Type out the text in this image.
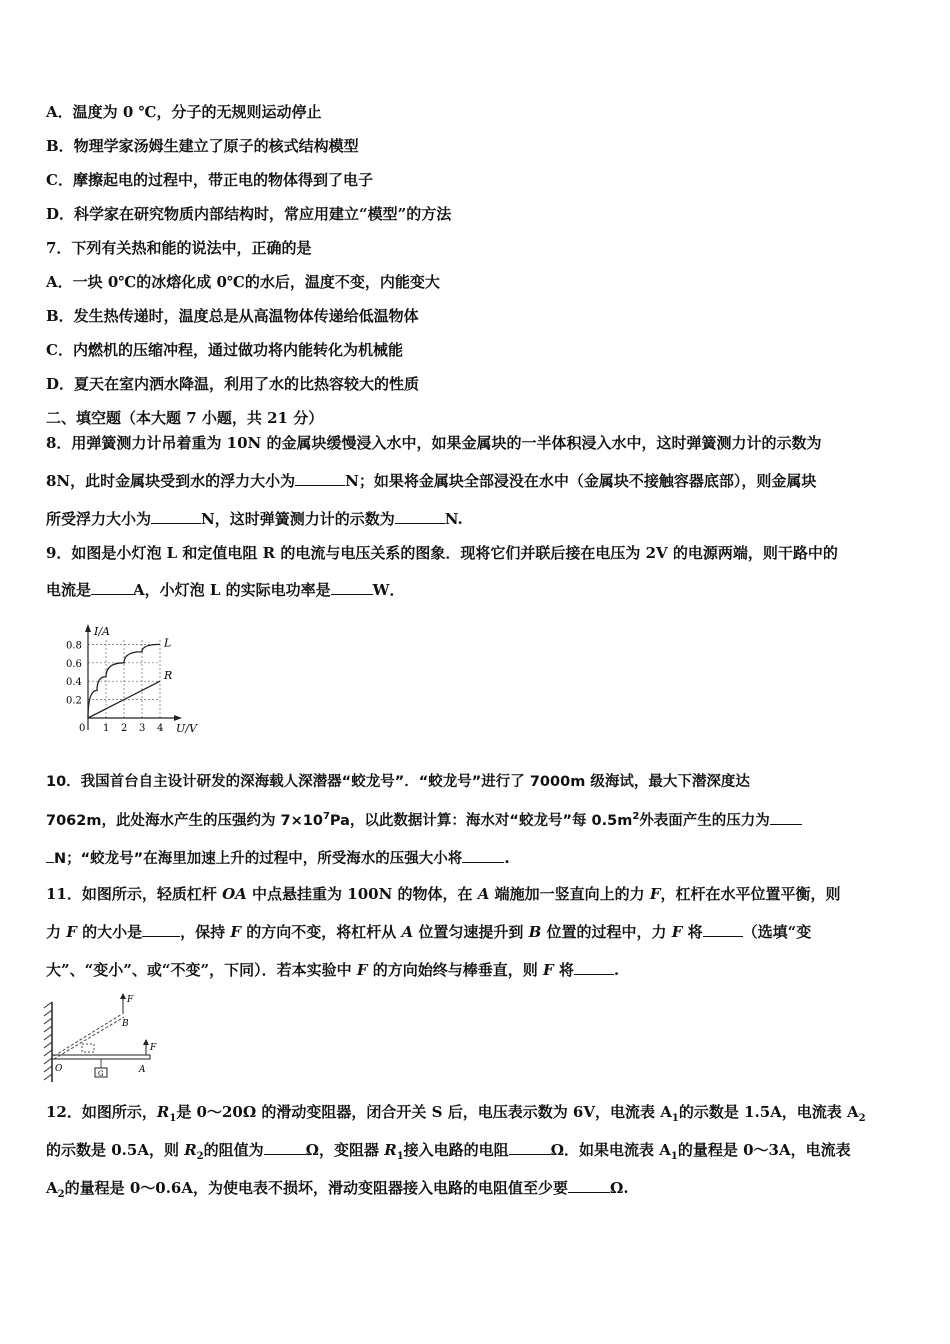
A．温度为 0 ℃，分子的无规则运动停止
B．物理学家汤姆生建立了原子的核式结构模型
C．摩擦起电的过程中，带正电的物体得到了电子
D．科学家在研究物质内部结构时，常应用建立“模型”的方法
7．下列有关热和能的说法中，正确的是
A．一块 0℃的冰熔化成 0℃的水后，温度不变，内能变大
B．发生热传递时，温度总是从高温物体传递给低温物体
C．内燃机的压缩冲程，通过做功将内能转化为机械能
D．夏天在室内洒水降温，利用了水的比热容较大的性质
二、填空题（本大题 7 小题，共 21 分）
8．用弹簧测力计吊着重为 10N 的金属块缓慢浸入水中，如果金属块的一半体积浸入水中，这时弹簧测力计的示数为
8N，此时金属块受到水的浮力大小为	N；如果将金属块全部浸没在水中（金属块不接触容器底部），则金属块
所受浮力大小为	N，这时弹簧测力计的示数为	N.
9．如图是小灯泡 L 和定值电阻 R 的电流与电压关系的图象．现将它们并联后接在电压为 2V 的电源两端，则干路中的
电流是	A，小灯泡 L 的实际电功率是	W．
I/A
U/V
0 1 2 3 4
0.2
0.4
0.6
0.8	L
R
10．我国首台自主设计研发的深海载人深潜器“蛟龙号”．“蛟龙号”进行了 7000m 级海试，最大下潜深度达
7062m，此处海水产生的压强约为 $7\times 10^7Pa$，以此数据计算：海水对“蛟龙号”每 $0.5m^2$外表面产生的压力为
N；“蛟龙号”在海里加速上升的过程中，所受海水的压强大小将	.
11．如图所示，轻质杠杆 OA 中点悬挂重为 100N 的物体，在 A 端施加一竖直向上的力 F，杠杆在水平位置平衡，则
力 F 的大小是	，保持 F 的方向不变，将杠杆从 A 位置匀速提升到 B 位置的过程中，力 F 将	（选填“变
大”、“变小”、或“不变”，下同）．若本实验中 F 的方向始终与棒垂直，则 F 将	.
F
B
O
F
A
G
12．如图所示，$R_1$是 0～20Ω 的滑动变阻器，闭合开关 S 后，电压表示数为 6V，电流表 $A_1$的示数是 1.5A，电流表 $A_2$
的示数是 0.5A，则 $R_2$的阻值为	Ω，变阻器 $R_1$接入电路的电阻	Ω．如果电流表 $A_1$的量程是 0～3A，电流表
$A_2$的量程是 0～0.6A，为使电表不损坏，滑动变阻器接入电路的电阻值至少要	Ω.
